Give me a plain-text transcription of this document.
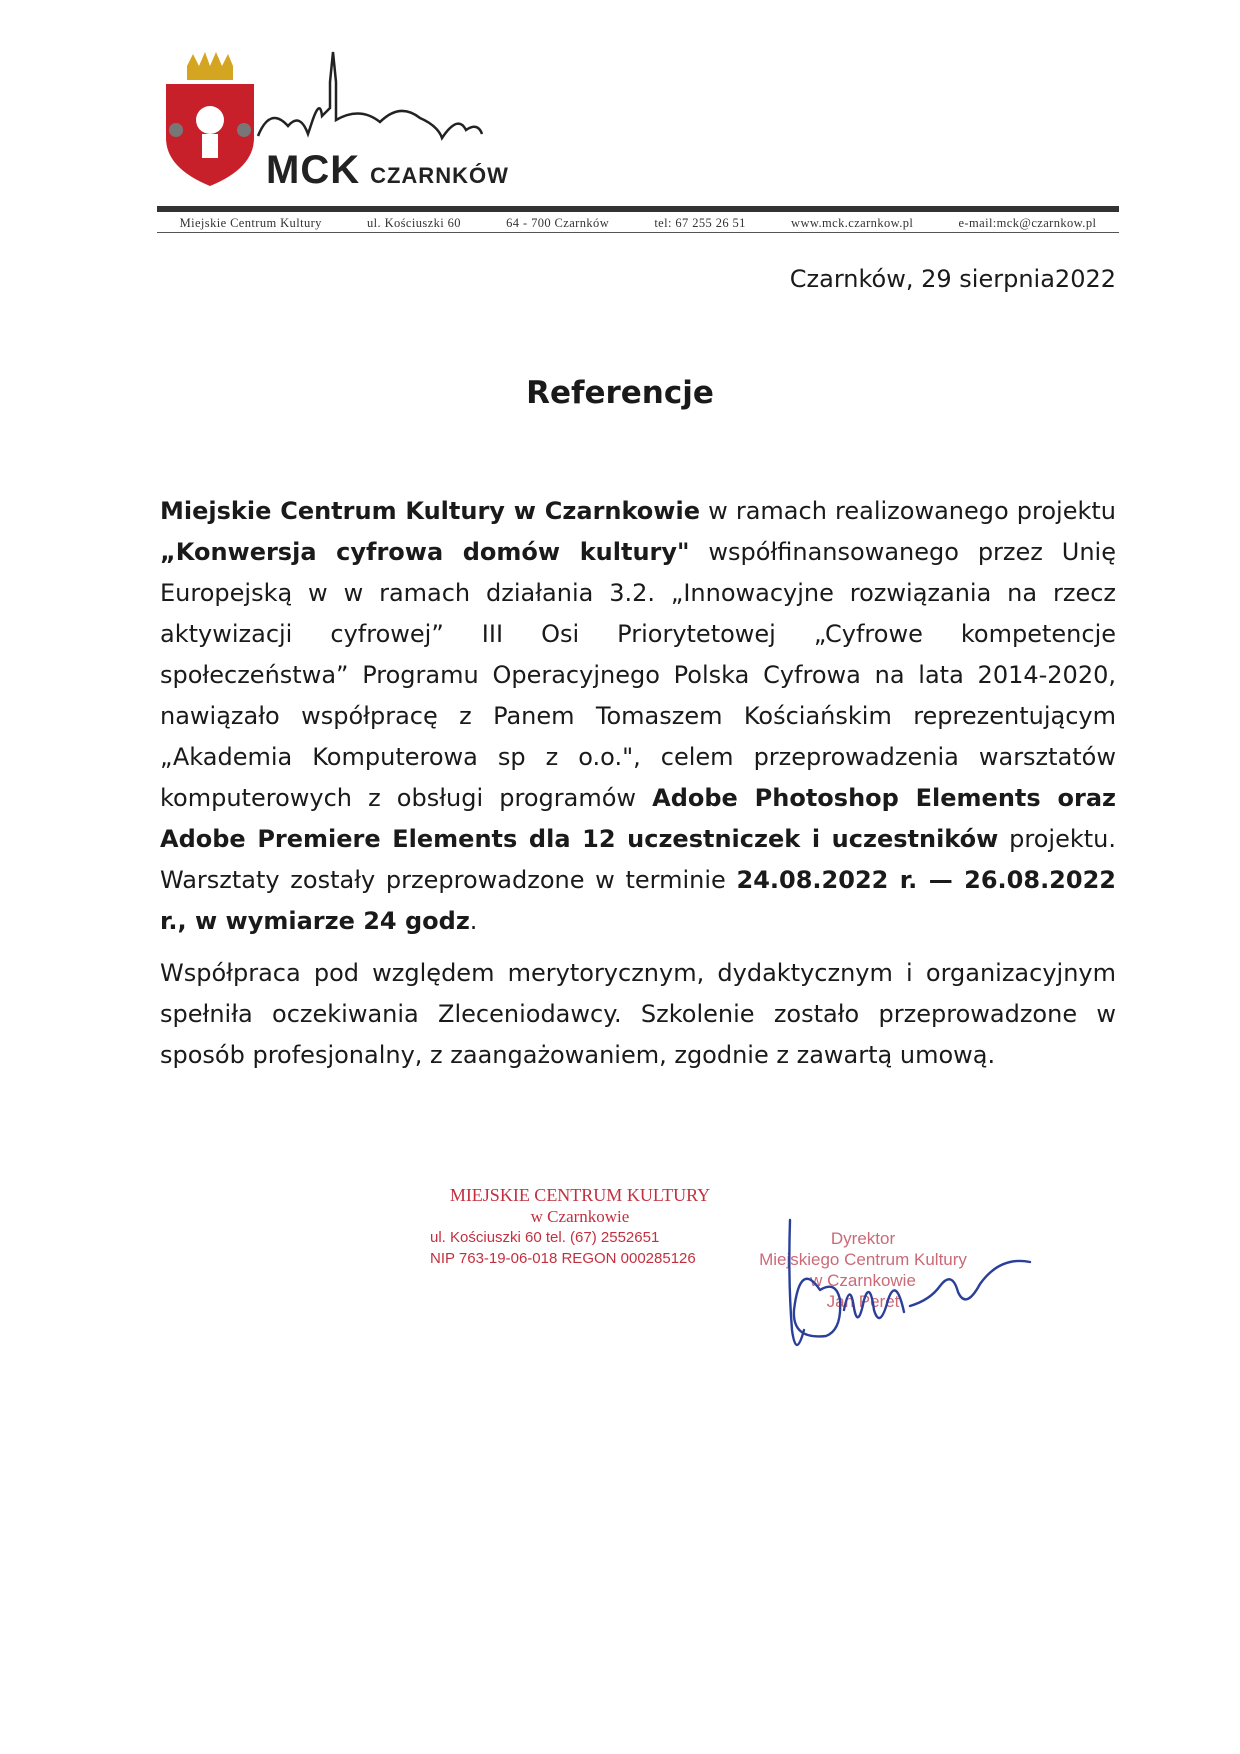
MCK CZARNKÓW
Miejskie Centrum Kultury	ul. Kościuszki 60	64 - 700 Czarnków	tel: 67 255 26 51	www.mck.czarnkow.pl	e-mail:mck@czarnkow.pl
Czarnków, 29 sierpnia2022
Referencje

Miejskie Centrum Kultury w Czarnkowie w ramach realizowanego projektu „Konwersja cyfrowa domów kultury" współfinansowanego przez Unię Europejską w w ramach działania 3.2. „Innowacyjne rozwiązania na rzecz aktywizacji cyfrowej” III Osi Priorytetowej „Cyfrowe kompetencje społeczeństwa” Programu Operacyjnego Polska Cyfrowa na lata 2014-2020, nawiązało współpracę z Panem Tomaszem Kościańskim reprezentującym „Akademia Komputerowa sp z o.o.", celem przeprowadzenia warsztatów komputerowych z obsługi programów Adobe Photoshop Elements oraz Adobe Premiere Elements dla 12 uczestniczek i uczestników projektu. Warsztaty zostały przeprowadzone w terminie 24.08.2022 r. — 26.08.2022 r., w wymiarze 24 godz.

Współpraca pod względem merytorycznym, dydaktycznym i organizacyjnym spełniła oczekiwania Zleceniodawcy. Szkolenie zostało przeprowadzone w sposób profesjonalny, z zaangażowaniem, zgodnie z zawartą umową.

MIEJSKIE CENTRUM KULTURY
w Czarnkowie
ul. Kościuszki 60 tel. (67) 2552651
NIP 763-19-06-018 REGON 000285126
Dyrektor
Miejskiego Centrum Kultury
w Czarnkowie
Jan Peret
